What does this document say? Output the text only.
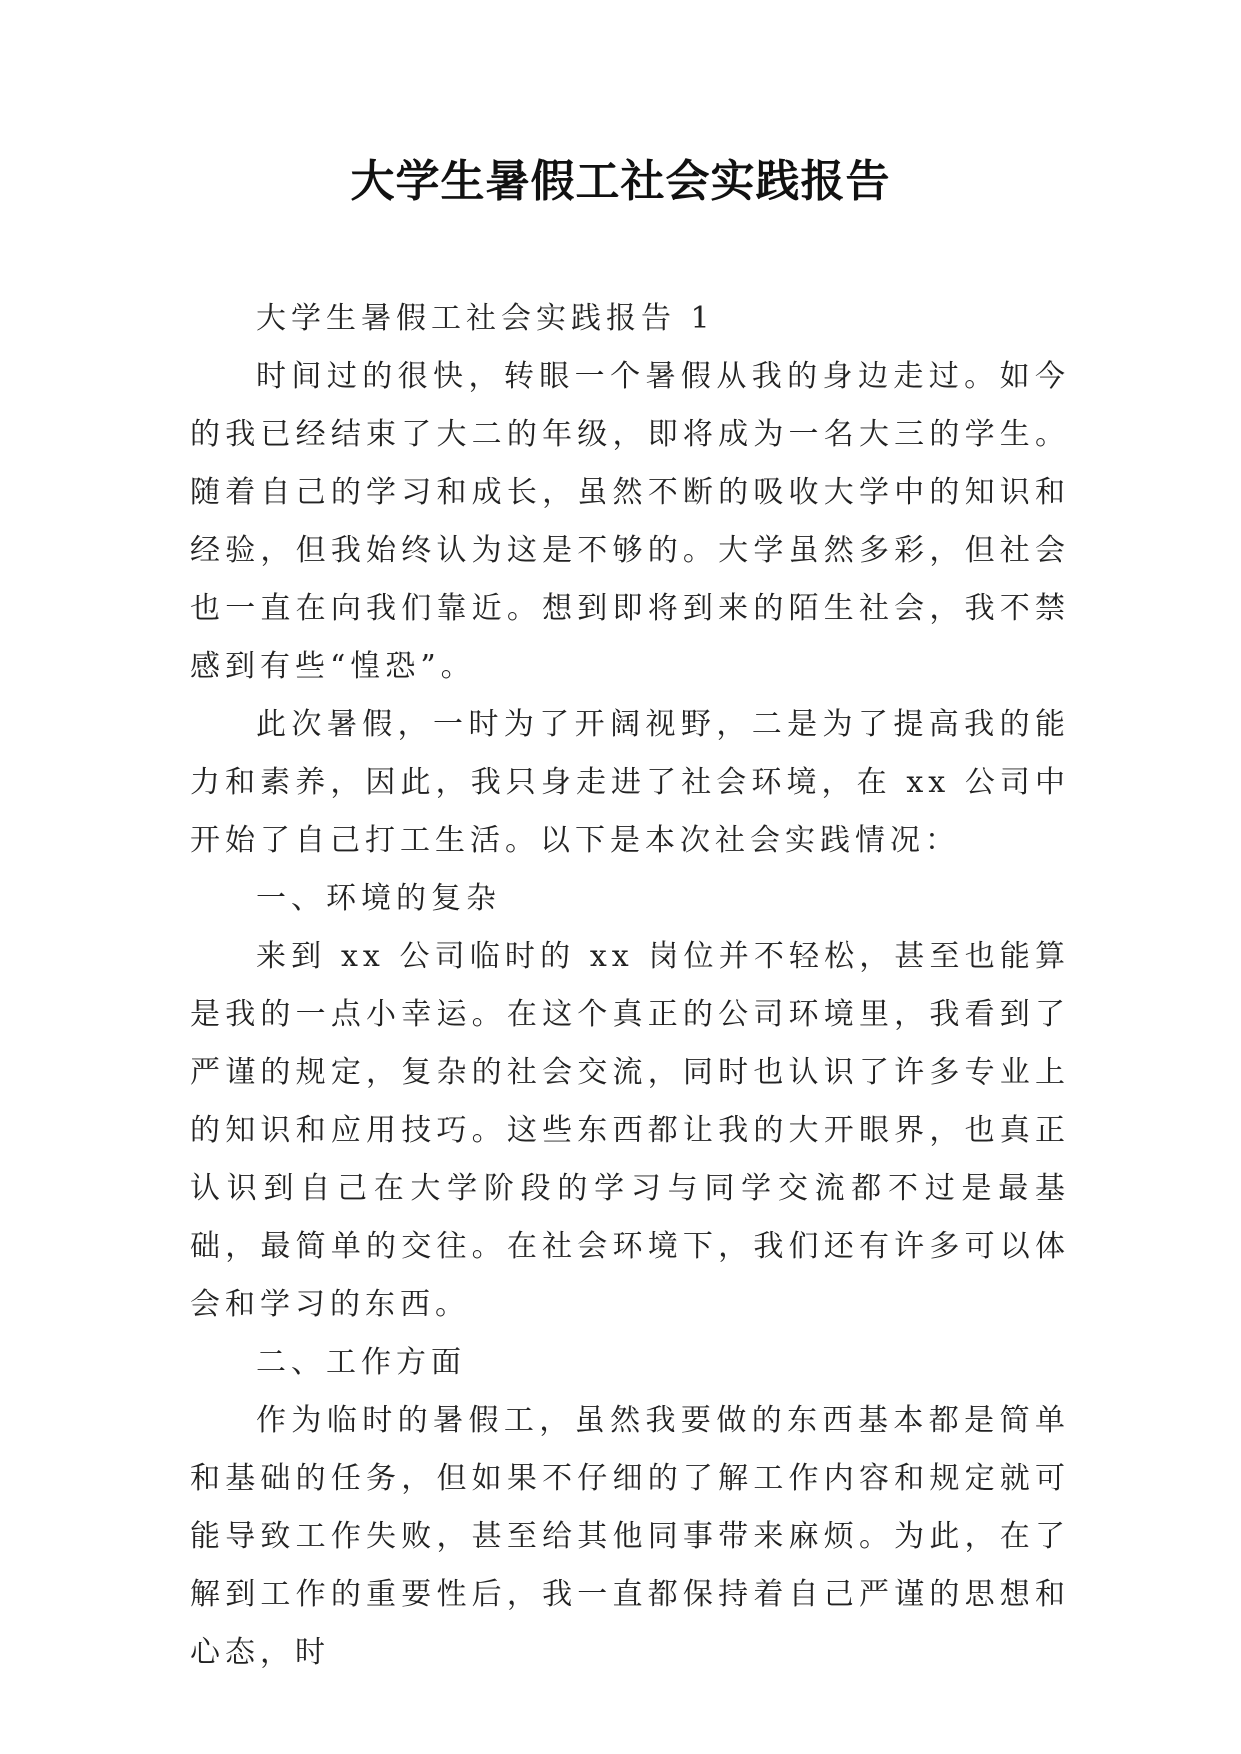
大学生暑假工社会实践报告

大学生暑假工社会实践报告 1

时间过的很快，转眼一个暑假从我的身边走过。如今的我已经结束了大二的年级，即将成为一名大三的学生。随着自己的学习和成长，虽然不断的吸收大学中的知识和经验，但我始终认为这是不够的。大学虽然多彩，但社会也一直在向我们靠近。想到即将到来的陌生社会，我不禁感到有些“惶恐”。

此次暑假，一时为了开阔视野，二是为了提高我的能力和素养，因此，我只身走进了社会环境，在 xx 公司中开始了自己打工生活。以下是本次社会实践情况：

一、环境的复杂

来到 xx 公司临时的 xx 岗位并不轻松，甚至也能算是我的一点小幸运。在这个真正的公司环境里，我看到了严谨的规定，复杂的社会交流，同时也认识了许多专业上的知识和应用技巧。这些东西都让我的大开眼界，也真正认识到自己在大学阶段的学习与同学交流都不过是最基础，最简单的交往。在社会环境下，我们还有许多可以体会和学习的东西。

二、工作方面

作为临时的暑假工，虽然我要做的东西基本都是简单和基础的任务，但如果不仔细的了解工作内容和规定就可能导致工作失败，甚至给其他同事带来麻烦。为此，在了解到工作的重要性后，我一直都保持着自己严谨的思想和心态，时
